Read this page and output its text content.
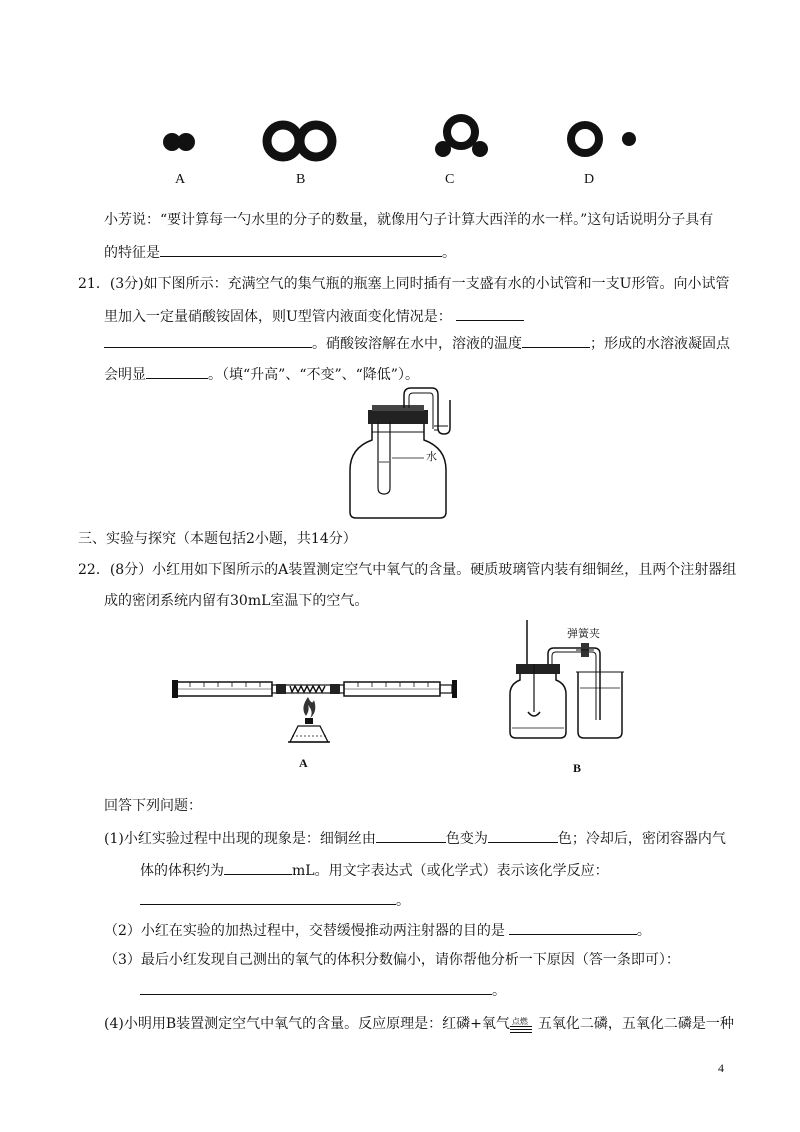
A	B	C	D
小芳说：“要计算每一勺水里的分子的数量，就像用勺子计算大西洋的水一样。”这句话说明分子具有
的特征是	。
21．(3分)如下图所示：充满空气的集气瓶的瓶塞上同时插有一支盛有水的小试管和一支U形管。向小试管
里加入一定量硝酸铵固体，则U型管内液面变化情况是：
。硝酸铵溶解在水中，溶液的温度	；形成的水溶液凝固点
会明显	。（填“升高”、“不变”、“降低”）。
水
三、实验与探究（本题包括2小题，共14分）
22．(8分）小红用如下图所示的A装置测定空气中氧气的含量。硬质玻璃管内装有细铜丝，且两个注射器组
成的密闭系统内留有30mL室温下的空气。
A
弹簧夹
B
回答下列问题：
(1)小红实验过程中出现的现象是：细铜丝由	色变为	色；冷却后，密闭容器内气
体的体积约为	mL。用文字表达式（或化学式）表示该化学反应：
。
（2）小红在实验的加热过程中，交替缓慢推动两注射器的目的是	。
（3）最后小红发现自己测出的氧气的体积分数偏小，请你帮他分析一下原因（答一条即可）：
。
(4)小明用B装置测定空气中氧气的含量。反应原理是：红磷+氧气 点燃 五氧化二磷，五氧化二磷是一种
4
